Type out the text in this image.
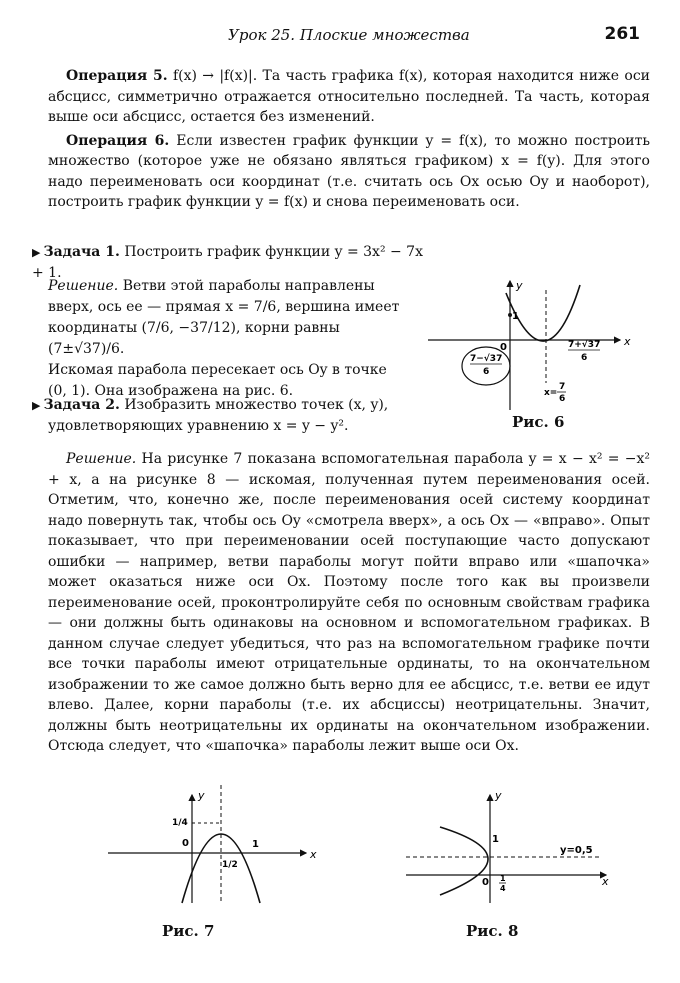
Урок 25. Плоские множества	261

Операция 5. f(x) → |f(x)|. Та часть графика f(x), которая находится ниже оси абсцисс, симметрично отражается относительно последней. Та часть, которая выше оси абсцисс, остается без изменений.

Операция 6. Если известен график функции y = f(x), то можно построить множество (которое уже не обязано являться графиком) x = f(y). Для этого надо переименовать оси координат (т.е. считать ось Ox осью Oy и наоборот), построить график функции y = f(x) и снова переименовать оси.

▶ Задача 1. Построить график функции y = 3x² − 7x + 1.
Решение. Ветви этой параболы направлены
вверх, ось ее — прямая x = 7/6, вершина имеет
координаты (7/6, −37/12), корни равны (7±√37)/6.
Искомая парабола пересекает ось Oy в точке
(0, 1). Она изображена на рис. 6.
▶ Задача 2. Изобразить множество точек (x, y),
удовлетворяющих уравнению x = y − y².
y
x
0
1
7−√37
6
7+√37
6
x=
7
6
Рис. 6

Решение. На рисунке 7 показана вспомогательная парабола y = x − x² = −x² + x, а на рисунке 8 — искомая, полученная путем переименования осей. Отметим, что, конечно же, после переименования осей систему координат надо повернуть так, чтобы ось Oy «смотрела вверх», а ось Ox — «вправо». Опыт показывает, что при переименовании осей поступающие часто допускают ошибки — например, ветви параболы могут пойти вправо или «шапочка» может оказаться ниже оси Ox. Поэтому после того как вы произвели переименование осей, проконтролируйте себя по основным свойствам графика — они должны быть одинаковы на основном и вспомогательном графиках. В данном случае следует убедиться, что раз на вспомогательном графике почти все точки параболы имеют отрицательные ординаты, то на окончательном изображении то же самое должно быть верно для ее абсцисс, т.е. ветви ее идут влево. Далее, корни параболы (т.е. их абсциссы) неотрицательны. Значит, должны быть неотрицательны их ординаты на окончательном изображении. Отсюда следует, что «шапочка» параболы лежит выше оси Ox.

y
x
0
1/4
1/2
1
Рис. 7
y
x
0
1
1
4
y=0,5
Рис. 8
